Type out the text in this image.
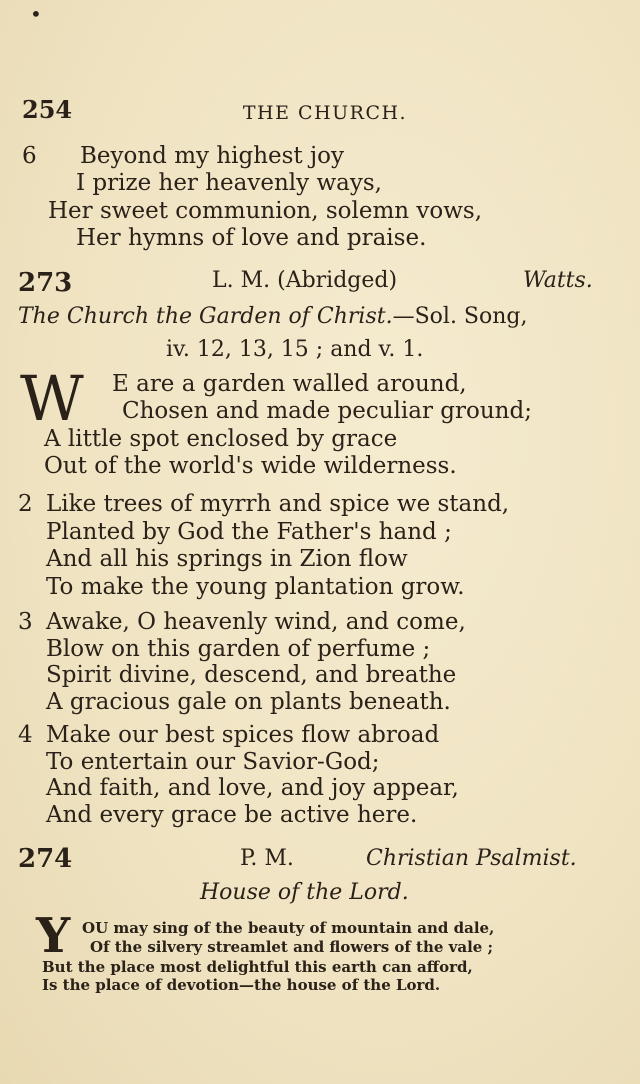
•
254	THE CHURCH.
6 Beyond my highest joy
I prize her heavenly ways,
Her sweet communion, solemn vows,
Her hymns of love and praise.
273	L. M. (Abridged)	Watts.
The Church the Garden of Christ.—Sol. Song,
iv. 12, 13, 15 ; and v. 1.
W E are a garden walled around,
Chosen and made peculiar ground;
A little spot enclosed by grace
Out of the world's wide wilderness.
2 Like trees of myrrh and spice we stand,
Planted by God the Father's hand ;
And all his springs in Zion flow
To make the young plantation grow.
3 Awake, O heavenly wind, and come,
Blow on this garden of perfume ;
Spirit divine, descend, and breathe
A gracious gale on plants beneath.
4 Make our best spices flow abroad
To entertain our Savior-God;
And faith, and love, and joy appear,
And every grace be active here.
274	P. M.	Christian Psalmist.
House of the Lord.
Y OU may sing of the beauty of mountain and dale,
Of the silvery streamlet and flowers of the vale ;
But the place most delightful this earth can afford,
Is the place of devotion—the house of the Lord.
